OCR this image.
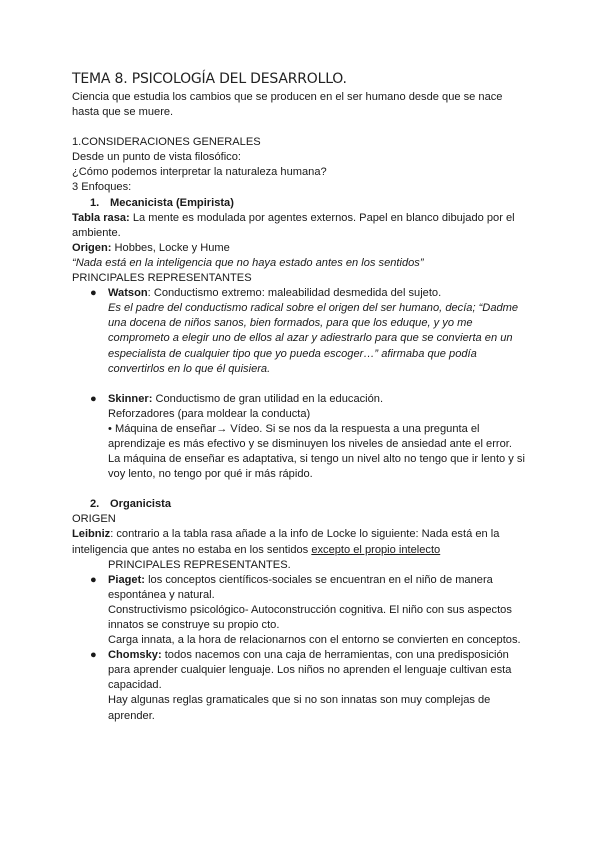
TEMA 8. PSICOLOGÍA DEL DESARROLLO.

Ciencia que estudia los cambios que se producen en el ser humano desde que se nace hasta que se muere.

1.CONSIDERACIONES GENERALES

Desde un punto de vista filosófico:

¿Cómo podemos interpretar la naturaleza humana?

3 Enfoques:

1. Mecanicista (Empirista)

Tabla rasa: La mente es modulada por agentes externos. Papel en blanco dibujado por el ambiente.

Origen: Hobbes, Locke y Hume

“Nada está en la inteligencia que no haya estado antes en los sentidos”

PRINCIPALES REPRESENTANTES

● Watson: Conductismo extremo: maleabilidad desmedida del sujeto.

Es el padre del conductismo radical sobre el origen del ser humano, decía; “Dadme una docena de niños sanos, bien formados, para que los eduque, y yo me comprometo a elegir uno de ellos al azar y adiestrarlo para que se convierta en un especialista de cualquier tipo que yo pueda escoger…” afirmaba que podía convertirlos en lo que él quisiera.

● Skinner: Conductismo de gran utilidad en la educación.

Reforzadores (para moldear la conducta)

• Máquina de enseñar→ Vídeo. Si se nos da la respuesta a una pregunta el aprendizaje es más efectivo y se disminuyen los niveles de ansiedad ante el error.

La máquina de enseñar es adaptativa, si tengo un nivel alto no tengo que ir lento y si voy lento, no tengo por qué ir más rápido.

2. Organicista

ORIGEN

Leibniz: contrario a la tabla rasa añade a la info de Locke lo siguiente: Nada está en la inteligencia que antes no estaba en los sentidos excepto el propio intelecto

PRINCIPALES REPRESENTANTES.

● Piaget: los conceptos científicos-sociales se encuentran en el niño de manera espontánea y natural.

Constructivismo psicológico- Autoconstrucción cognitiva. El niño con sus aspectos innatos se construye su propio cto.

Carga innata, a la hora de relacionarnos con el entorno se convierten en conceptos.

● Chomsky: todos nacemos con una caja de herramientas, con una predisposición para aprender cualquier lenguaje. Los niños no aprenden el lenguaje cultivan esta capacidad.

Hay algunas reglas gramaticales que si no son innatas son muy complejas de aprender.
